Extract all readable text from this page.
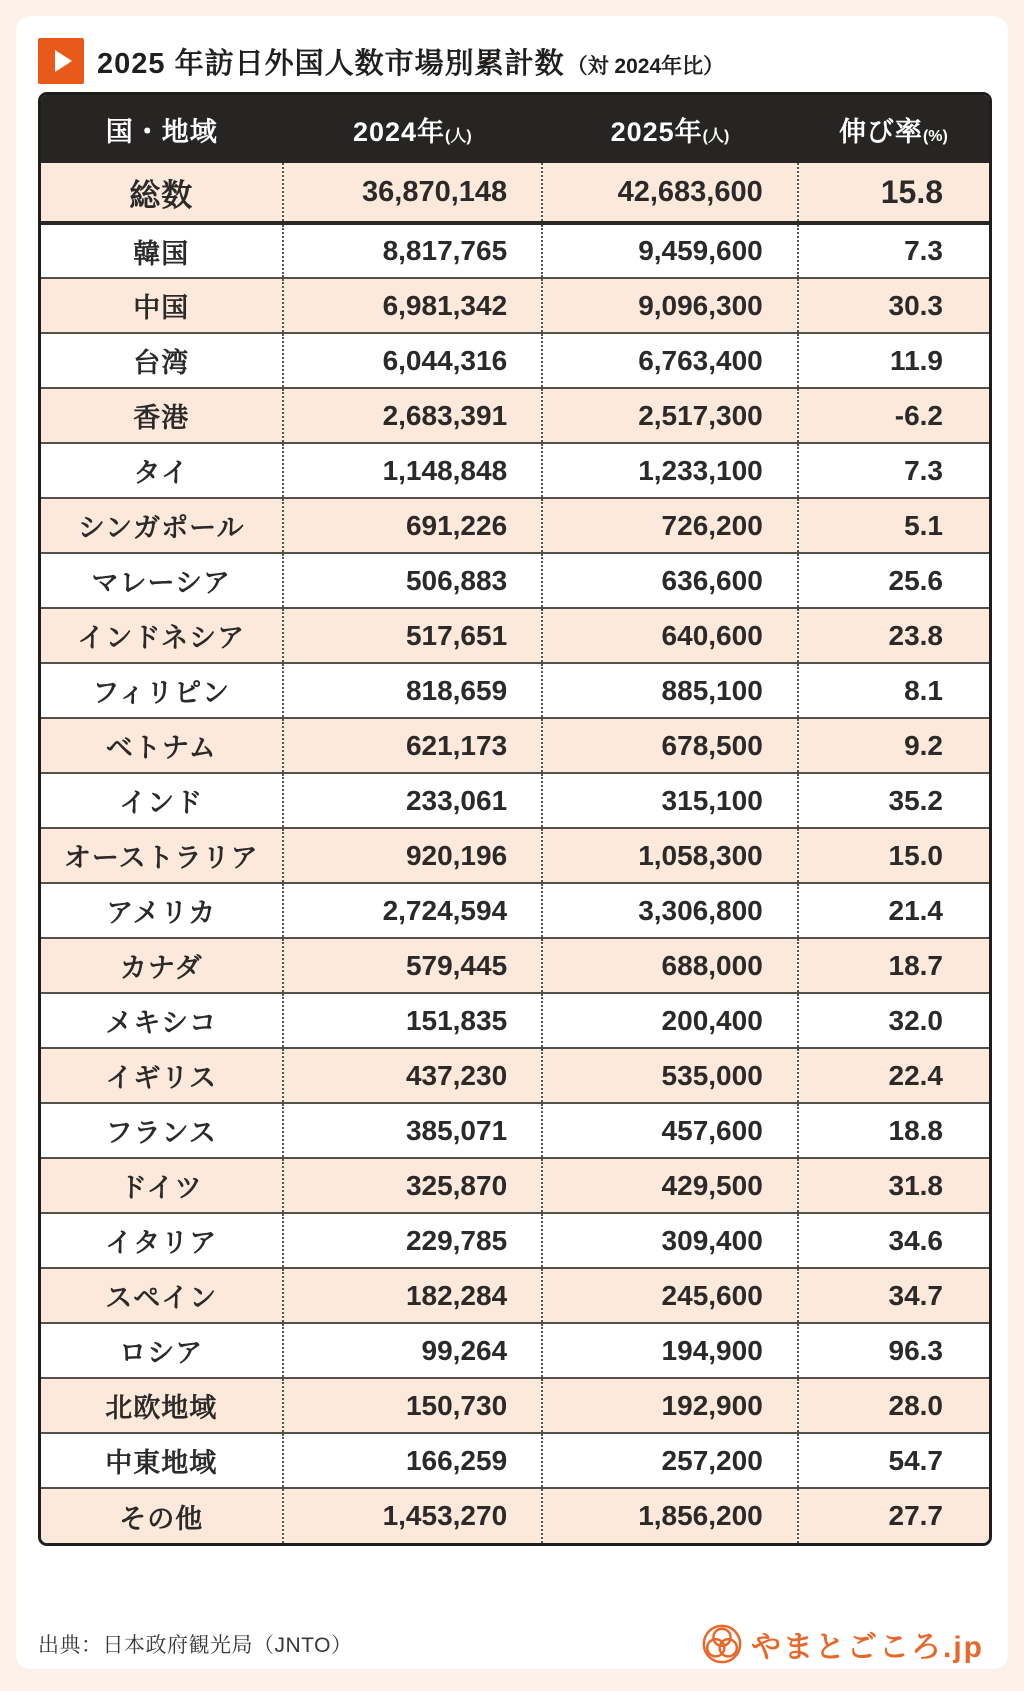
2025 年訪日外国人数市場別累計数（対 2024年比）
国・地域	2024年(人)	2025年(人)	伸び率(%)
総数	36,870,148	42,683,600	15.8
韓国	8,817,765	9,459,600	7.3
中国	6,981,342	9,096,300	30.3
台湾	6,044,316	6,763,400	11.9
香港	2,683,391	2,517,300	-6.2
タイ	1,148,848	1,233,100	7.3
シンガポール	691,226	726,200	5.1
マレーシア	506,883	636,600	25.6
インドネシア	517,651	640,600	23.8
フィリピン	818,659	885,100	8.1
ベトナム	621,173	678,500	9.2
インド	233,061	315,100	35.2
オーストラリア	920,196	1,058,300	15.0
アメリカ	2,724,594	3,306,800	21.4
カナダ	579,445	688,000	18.7
メキシコ	151,835	200,400	32.0
イギリス	437,230	535,000	22.4
フランス	385,071	457,600	18.8
ドイツ	325,870	429,500	31.8
イタリア	229,785	309,400	34.6
スペイン	182,284	245,600	34.7
ロシア	99,264	194,900	96.3
北欧地域	150,730	192,900	28.0
中東地域	166,259	257,200	54.7
その他	1,453,270	1,856,200	27.7
出典：日本政府観光局（JNTO）	やまとごころ.jp
